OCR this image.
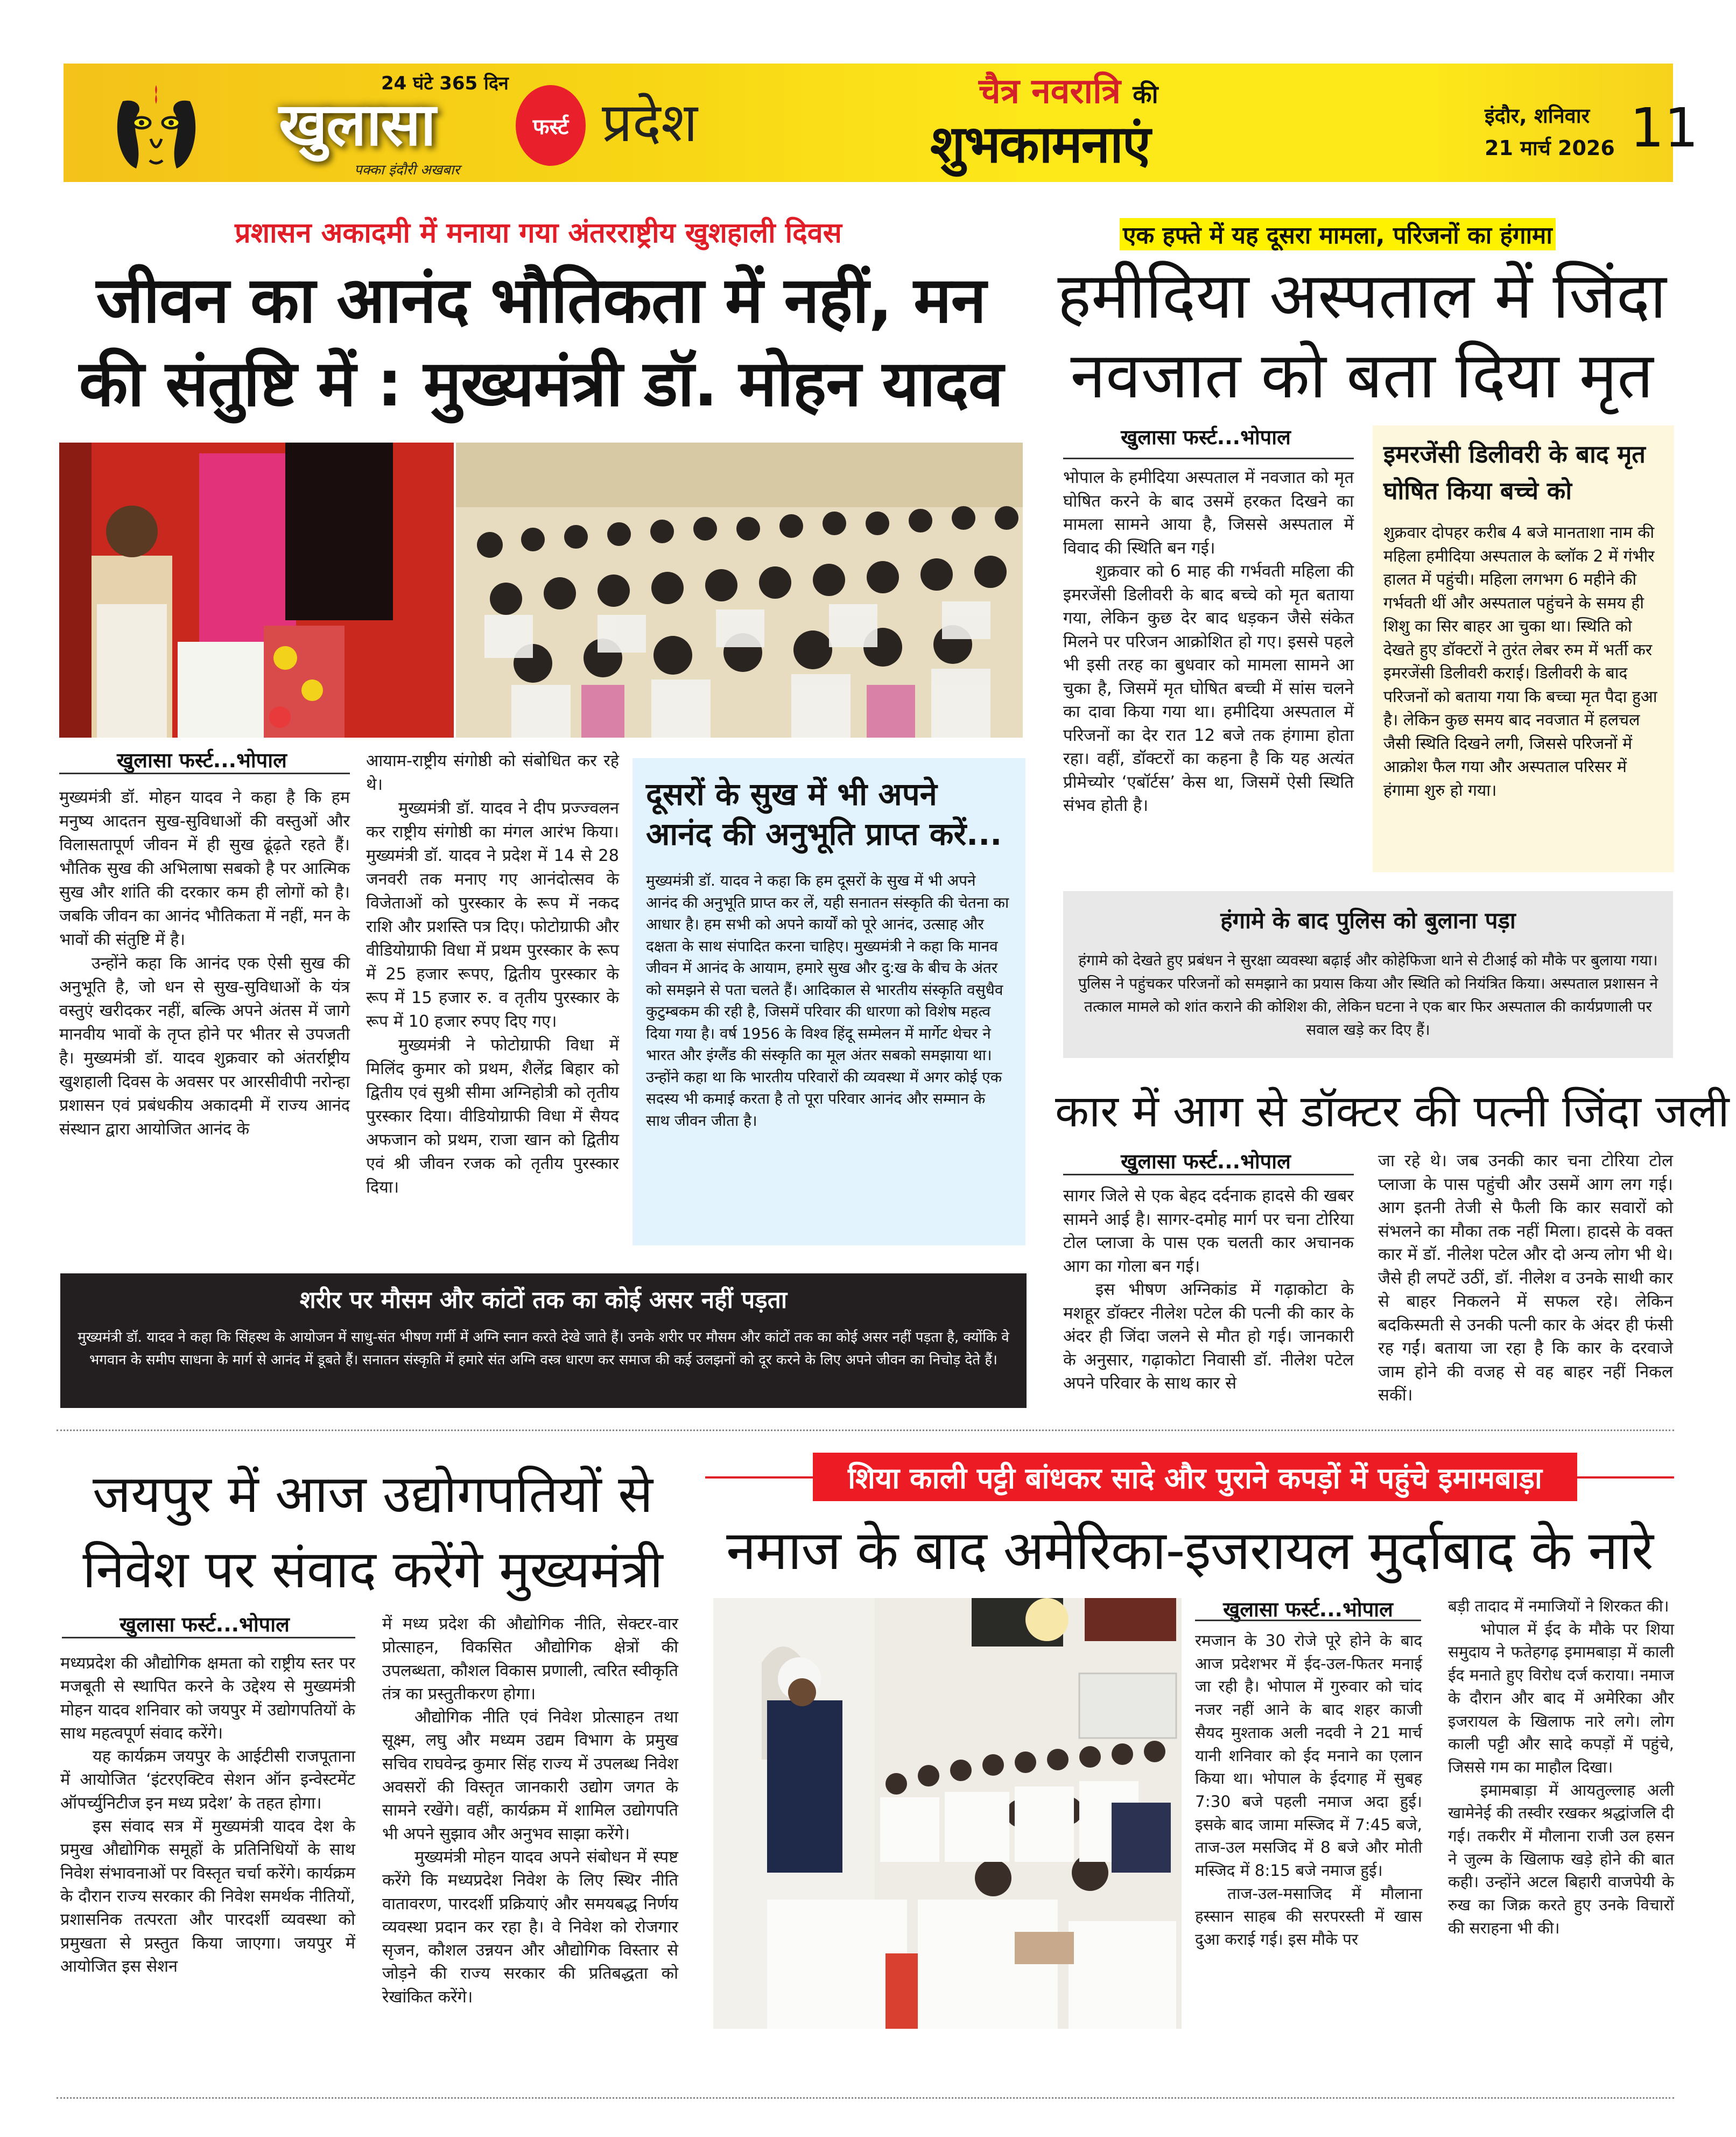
24 घंटे 365 दिन
खुलासा
पक्का इंदौरी अखबार
फर्स्ट प्रदेश	चैत्र नवरात्रि की
शुभकामनाएं	इंदौर, शनिवार
21 मार्च 2026 11
प्रशासन अकादमी में मनाया गया अंतरराष्ट्रीय खुशहाली दिवस
जीवन का आनंद भौतिकता में नहीं, मन की संतुष्टि में : मुख्यमंत्री डॉ. मोहन यादव
खुलासा फर्स्ट...भोपाल

मुख्यमंत्री डॉ. मोहन यादव ने कहा है कि हम मनुष्य आदतन सुख-सुविधाओं की वस्तुओं और विलासतापूर्ण जीवन में ही सुख ढूंढ़ते रहते हैं। भौतिक सुख की अभिलाषा सबको है पर आत्मिक सुख और शांति की दरकार कम ही लोगों को है। जबकि जीवन का आनंद भौतिकता में नहीं, मन के भावों की संतुष्टि में है।

उन्होंने कहा कि आनंद एक ऐसी सुख की अनुभूति है, जो धन से सुख-सुविधाओं के यंत्र वस्तुएं खरीदकर नहीं, बल्कि अपने अंतस में जागे मानवीय भावों के तृप्त होने पर भीतर से उपजती है। मुख्यमंत्री डॉ. यादव शुक्रवार को अंतर्राष्ट्रीय खुशहाली दिवस के अवसर पर आरसीवीपी नरोन्हा प्रशासन एवं प्रबंधकीय अकादमी में राज्य आनंद संस्थान द्वारा आयोजित आनंद के

आयाम-राष्ट्रीय संगोष्ठी को संबोधित कर रहे थे।

मुख्यमंत्री डॉ. यादव ने दीप प्रज्ज्वलन कर राष्ट्रीय संगोष्ठी का मंगल आरंभ किया। मुख्यमंत्री डॉ. यादव ने प्रदेश में 14 से 28 जनवरी तक मनाए गए आनंदोत्सव के विजेताओं को पुरस्कार के रूप में नकद राशि और प्रशस्ति पत्र दिए। फोटोग्राफी और वीडियोग्राफी विधा में प्रथम पुरस्कार के रूप में 25 हजार रूपए, द्वितीय पुरस्कार के रूप में 15 हजार रु. व तृतीय पुरस्कार के रूप में 10 हजार रुपए दिए गए।

मुख्यमंत्री ने फोटोग्राफी विधा में मिलिंद कुमार को प्रथम, शैलेंद्र बिहार को द्वितीय एवं सुश्री सीमा अग्निहोत्री को तृतीय पुरस्कार दिया। वीडियोग्राफी विधा में सैयद अफजान को प्रथम, राजा खान को द्वितीय एवं श्री जीवन रजक को तृतीय पुरस्कार दिया।

दूसरों के सुख में भी अपने आनंद की अनुभूति प्राप्त करें...
मुख्यमंत्री डॉ. यादव ने कहा कि हम दूसरों के सुख में भी अपने आनंद की अनुभूति प्राप्त कर लें, यही सनातन संस्कृति की चेतना का आधार है। हम सभी को अपने कार्यों को पूरे आनंद, उत्साह और दक्षता के साथ संपादित करना चाहिए। मुख्यमंत्री ने कहा कि मानव जीवन में आनंद के आयाम, हमारे सुख और दु:ख के बीच के अंतर को समझने से पता चलते हैं। आदिकाल से भारतीय संस्कृति वसुधैव कुटुम्बकम की रही है, जिसमें परिवार की धारणा को विशेष महत्व दिया गया है। वर्ष 1956 के विश्व हिंदू सम्मेलन में मार्गेट थेचर ने भारत और इंग्लैंड की संस्कृति का मूल अंतर सबको समझाया था। उन्होंने कहा था कि भारतीय परिवारों की व्यवस्था में अगर कोई एक सदस्य भी कमाई करता है तो पूरा परिवार आनंद और सम्मान के साथ जीवन जीता है।
शरीर पर मौसम और कांटों तक का कोई असर नहीं पड़ता
मुख्यमंत्री डॉ. यादव ने कहा कि सिंहस्थ के आयोजन में साधु-संत भीषण गर्मी में अग्नि स्नान करते देखे जाते हैं। उनके शरीर पर मौसम और कांटों तक का कोई असर नहीं पड़ता है, क्योंकि वे भगवान के समीप साधना के मार्ग से आनंद में डूबते हैं। सनातन संस्कृति में हमारे संत अग्नि वस्त्र धारण कर समाज की कई उलझनों को दूर करने के लिए अपने जीवन का निचोड़ देते हैं।
एक हफ्ते में यह दूसरा मामला, परिजनों का हंगामा
हमीदिया अस्पताल में जिंदा नवजात को बता दिया मृत
खुलासा फर्स्ट...भोपाल

भोपाल के हमीदिया अस्पताल में नवजात को मृत घोषित करने के बाद उसमें हरकत दिखने का मामला सामने आया है, जिससे अस्पताल में विवाद की स्थिति बन गई।

शुक्रवार को 6 माह की गर्भवती महिला की इमरजेंसी डिलीवरी के बाद बच्चे को मृत बताया गया, लेकिन कुछ देर बाद धड़कन जैसे संकेत मिलने पर परिजन आक्रोशित हो गए। इससे पहले भी इसी तरह का बुधवार को मामला सामने आ चुका है, जिसमें मृत घोषित बच्ची में सांस चलने का दावा किया गया था। हमीदिया अस्पताल में परिजनों का देर रात 12 बजे तक हंगामा होता रहा। वहीं, डॉक्टरों का कहना है कि यह अत्यंत प्रीमेच्योर ‘एबॉर्टस’ केस था, जिसमें ऐसी स्थिति संभव होती है।

इमरजेंसी डिलीवरी के बाद मृत घोषित किया बच्चे को
शुक्रवार दोपहर करीब 4 बजे मानताशा नाम की महिला हमीदिया अस्पताल के ब्लॉक 2 में गंभीर हालत में पहुंची। महिला लगभग 6 महीने की गर्भवती थीं और अस्पताल पहुंचने के समय ही शिशु का सिर बाहर आ चुका था। स्थिति को देखते हुए डॉक्टरों ने तुरंत लेबर रुम में भर्ती कर इमरजेंसी डिलीवरी कराई। डिलीवरी के बाद परिजनों को बताया गया कि बच्चा मृत पैदा हुआ है। लेकिन कुछ समय बाद नवजात में हलचल जैसी स्थिति दिखने लगी, जिससे परिजनों में आक्रोश फैल गया और अस्पताल परिसर में हंगामा शुरु हो गया।
हंगामे के बाद पुलिस को बुलाना पड़ा
हंगामे को देखते हुए प्रबंधन ने सुरक्षा व्यवस्था बढ़ाई और कोहेफिजा थाने से टीआई को मौके पर बुलाया गया। पुलिस ने पहुंचकर परिजनों को समझाने का प्रयास किया और स्थिति को नियंत्रित किया। अस्पताल प्रशासन ने तत्काल मामले को शांत कराने की कोशिश की, लेकिन घटना ने एक बार फिर अस्पताल की कार्यप्रणाली पर सवाल खड़े कर दिए हैं।
कार में आग से डॉक्टर की पत्नी जिंदा जली
खुलासा फर्स्ट...भोपाल

सागर जिले से एक बेहद दर्दनाक हादसे की खबर सामने आई है। सागर-दमोह मार्ग पर चना टोरिया टोल प्लाजा के पास एक चलती कार अचानक आग का गोला बन गई।

इस भीषण अग्निकांड में गढ़ाकोटा के मशहूर डॉक्टर नीलेश पटेल की पत्नी की कार के अंदर ही जिंदा जलने से मौत हो गई। जानकारी के अनुसार, गढ़ाकोटा निवासी डॉ. नीलेश पटेल अपने परिवार के साथ कार से

जा रहे थे। जब उनकी कार चना टोरिया टोल प्लाजा के पास पहुंची और उसमें आग लग गई। आग इतनी तेजी से फैली कि कार सवारों को संभलने का मौका तक नहीं मिला। हादसे के वक्त कार में डॉ. नीलेश पटेल और दो अन्य लोग भी थे। जैसे ही लपटें उठीं, डॉ. नीलेश व उनके साथी कार से बाहर निकलने में सफल रहे। लेकिन बदकिस्मती से उनकी पत्नी कार के अंदर ही फंसी रह गईं। बताया जा रहा है कि कार के दरवाजे जाम होने की वजह से वह बाहर नहीं निकल सकीं।

जयपुर में आज उद्योगपतियों से निवेश पर संवाद करेंगे मुख्यमंत्री
खुलासा फर्स्ट...भोपाल

मध्यप्रदेश की औद्योगिक क्षमता को राष्ट्रीय स्तर पर मजबूती से स्थापित करने के उद्देश्य से मुख्यमंत्री मोहन यादव शनिवार को जयपुर में उद्योगपतियों के साथ महत्वपूर्ण संवाद करेंगे।

यह कार्यक्रम जयपुर के आईटीसी राजपूताना में आयोजित ‘इंटरएक्टिव सेशन ऑन इन्वेस्टमेंट ऑपर्च्युनिटीज इन मध्य प्रदेश’ के तहत होगा।

इस संवाद सत्र में मुख्यमंत्री यादव देश के प्रमुख औद्योगिक समूहों के प्रतिनिधियों के साथ निवेश संभावनाओं पर विस्तृत चर्चा करेंगे। कार्यक्रम के दौरान राज्य सरकार की निवेश समर्थक नीतियों, प्रशासनिक तत्परता और पारदर्शी व्यवस्था को प्रमुखता से प्रस्तुत किया जाएगा। जयपुर में आयोजित इस सेशन

में मध्य प्रदेश की औद्योगिक नीति, सेक्टर-वार प्रोत्साहन, विकसित औद्योगिक क्षेत्रों की उपलब्धता, कौशल विकास प्रणाली, त्वरित स्वीकृति तंत्र का प्रस्तुतीकरण होगा।

औद्योगिक नीति एवं निवेश प्रोत्साहन तथा सूक्ष्म, लघु और मध्यम उद्यम विभाग के प्रमुख सचिव राघवेन्द्र कुमार सिंह राज्य में उपलब्ध निवेश अवसरों की विस्तृत जानकारी उद्योग जगत के सामने रखेंगे। वहीं, कार्यक्रम में शामिल उद्योगपति भी अपने सुझाव और अनुभव साझा करेंगे।

मुख्यमंत्री मोहन यादव अपने संबोधन में स्पष्ट करेंगे कि मध्यप्रदेश निवेश के लिए स्थिर नीति वातावरण, पारदर्शी प्रक्रियाएं और समयबद्ध निर्णय व्यवस्था प्रदान कर रहा है। वे निवेश को रोजगार सृजन, कौशल उन्नयन और औद्योगिक विस्तार से जोड़ने की राज्य सरकार की प्रतिबद्धता को रेखांकित करेंगे।

शिया काली पट्टी बांधकर सादे और पुराने कपड़ों में पहुंचे इमामबाड़ा
नमाज के बाद अमेरिका-इजरायल मुर्दाबाद के नारे
खुलासा फर्स्ट...भोपाल

रमजान के 30 रोजे पूरे होने के बाद आज प्रदेशभर में ईद-उल-फितर मनाई जा रही है। भोपाल में गुरुवार को चांद नजर नहीं आने के बाद शहर काजी सैयद मुश्ताक अली नदवी ने 21 मार्च यानी शनिवार को ईद मनाने का एलान किया था। भोपाल के ईदगाह में सुबह 7:30 बजे पहली नमाज अदा हुई। इसके बाद जामा मस्जिद में 7:45 बजे, ताज-उल मसजिद में 8 बजे और मोती मस्जिद में 8:15 बजे नमाज हुई।

ताज-उल-मसाजिद में मौलाना हस्सान साहब की सरपरस्ती में खास दुआ कराई गई। इस मौके पर

बड़ी तादाद में नमाजियों ने शिरकत की।

भोपाल में ईद के मौके पर शिया समुदाय ने फतेहगढ़ इमामबाड़ा में काली ईद मनाते हुए विरोध दर्ज कराया। नमाज के दौरान और बाद में अमेरिका और इजरायल के खिलाफ नारे लगे। लोग काली पट्टी और सादे कपड़ों में पहुंचे, जिससे गम का माहौल दिखा।

इमामबाड़ा में आयतुल्लाह अली खामेनेई की तस्वीर रखकर श्रद्धांजलि दी गई। तकरीर में मौलाना राजी उल हसन ने जुल्म के खिलाफ खड़े होने की बात कही। उन्होंने अटल बिहारी वाजपेयी के रुख का जिक्र करते हुए उनके विचारों की सराहना भी की।
